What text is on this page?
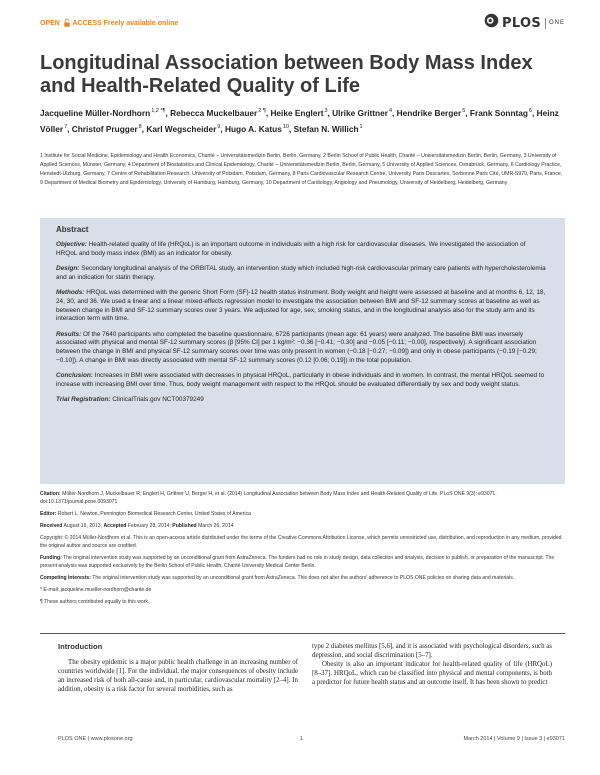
OPEN ACCESS Freely available online	PLOS ONE
Longitudinal Association between Body Mass Index and Health-Related Quality of Life

Jacqueline Müller-Nordhorn$^{1,2 *\P}$, Rebecca Muckelbauer$^{2 \P}$, Heike Englert$^3$, Ulrike Grittner$^4$, Hendrike Berger$^5$, Frank Sonntag$^6$, Heinz Völler$^7$, Christof Prugger$^8$, Karl Wegscheider$^9$, Hugo A. Katus$^{10}$, Stefan N. Willich$^1$

1 Institute for Social Medicine, Epidemiology and Health Economics, Charité – Universitätsmedizin Berlin, Berlin, Germany, 2 Berlin School of Public Health, Charité – Universitätsmedizin Berlin, Berlin, Germany, 3 University of Applied Sciences, Münster, Germany, 4 Department of Biostatistics and Clinical Epidemiology, Charité – Universitätsmedizin Berlin, Berlin, Germany, 5 University of Applied Sciences, Osnabrück, Germany, 6 Cardiology Practice, Henstedt-Ulzburg, Germany, 7 Centre of Rehabilitation Research, University of Potsdam, Potsdam, Germany, 8 Paris Cardiovascular Research Centre, University Paris Descartes, Sorbonne Paris Cité, UMR-S970, Paris, France, 9 Department of Medical Biometry and Epidemiology, University of Hamburg, Hamburg, Germany, 10 Department of Cardiology, Angiology and Pneumology, University of Heidelberg, Heidelberg, Germany

Abstract

Objective: Health-related quality of life (HRQoL) is an important outcome in individuals with a high risk for cardiovascular diseases. We investigated the association of HRQoL and body mass index (BMI) as an indicator for obesity.

Design: Secondary longitudinal analysis of the ORBITAL study, an intervention study which included high-risk cardiovascular primary care patients with hypercholesterolemia and an indication for statin therapy.

Methods: HRQoL was determined with the generic Short Form (SF)-12 health status instrument. Body weight and height were assessed at baseline and at months 6, 12, 18, 24, 30, and 36. We used a linear and a linear mixed-effects regression model to investigate the association between BMI and SF-12 summary scores at baseline as well as between change in BMI and SF-12 summary scores over 3 years. We adjusted for age, sex, smoking status, and in the longitudinal analysis also for the study arm and its interaction term with time.

Results: Of the 7640 participants who completed the baseline questionnaire, 6726 participants (mean age: 61 years) were analyzed. The baseline BMI was inversely associated with physical and mental SF-12 summary scores (β [95% CI] per 1 kg/m²: −0.36 [−0.41; −0.30] and −0.05 [−0.11; −0.00], respectively). A significant association between the change in BMI and physical SF-12 summary scores over time was only present in women (−0.18 [−0.27; −0.09]) and only in obese participants (−0.19 [−0.29; −0.10]). A change in BMI was directly associated with mental SF-12 summary scores (0.12 [0.06; 0.19]) in the total population.

Conclusion: Increases in BMI were associated with decreases in physical HRQoL, particularly in obese individuals and in women. In contrast, the mental HRQoL seemed to increase with increasing BMI over time. Thus, body weight management with respect to the HRQoL should be evaluated differentially by sex and body weight status.

Trial Registration: ClinicalTrials.gov NCT00379249

Citation: Müller-Nordhorn J, Muckelbauer R, Englert H, Grittner U, Berger H, et al. (2014) Longitudinal Association between Body Mass Index and Health-Related Quality of Life. PLoS ONE 9(3): e93071. doi:10.1371/journal.pone.0093071

Editor: Robert L. Newton, Pennington Biomedical Research Center, United States of America

Received August 16, 2013; Accepted February 28, 2014; Published March 26, 2014

Copyright: © 2014 Müller-Nordhorn et al. This is an open-access article distributed under the terms of the Creative Commons Attribution License, which permits unrestricted use, distribution, and reproduction in any medium, provided the original author and source are credited.

Funding: The original intervention study was supported by an unconditional grant from AstraZeneca. The funders had no role in study design, data collection and analysis, decision to publish, or preparation of the manuscript. The present analysis was supported exclusively by the Berlin School of Public Health, Charité University Medical Center Berlin.

Competing Interests: The original intervention study was supported by an unconditional grant from AstraZeneca. This does not alter the authors' adherence to PLOS ONE policies on sharing data and materials.

* E-mail: jacqueline.mueller-nordhorn@charite.de

¶ These authors contributed equally to this work.

Introduction

The obesity epidemic is a major public health challenge in an increasing number of countries worldwide [1]. For the individual, the major consequences of obesity include an increased risk of both all-cause and, in particular, cardiovascular mortality [2–4]. In addition, obesity is a risk factor for several morbidities, such as

type 2 diabetes mellitus [5,6], and it is associated with psychological disorders, such as depression, and social discrimination [5–7].

Obesity is also an important indicator for health-related quality of life (HRQoL) [8–37]. HRQoL, which can be classified into physical and mental components, is both a predictor for future health status and an outcome itself. It has been shown to predict

PLOS ONE | www.plosone.org	1	March 2014 | Volume 9 | Issue 3 | e93071
